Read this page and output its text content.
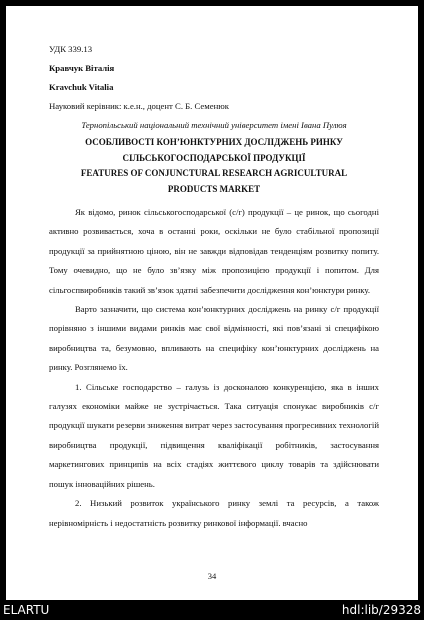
УДК 339.13
Кравчук Віталія
Kravchuk Vitalia
Науковий керівник: к.е.н., доцент С. Б. Семенюк
Тернопільський національний технічний університет імені Івана Пулюя
ОСОБЛИВОСТІ КОН’ЮНКТУРНИХ ДОСЛІДЖЕНЬ РИНКУ
СІЛЬСЬКОГОСПОДАРСЬКОЇ ПРОДУКЦІЇ
FEATURES OF CONJUNCTURAL RESEARCH AGRICULTURAL
PRODUCTS MARKET
Як відомо, ринок сільськогосподарської (с/г) продукції – це ринок, що сьогодні активно розвивається, хоча в останні роки, оскільки не було стабільної пропозиції продукції за прийнятною ціною, він не завжди відповідав тенденціям розвитку попиту. Тому очевидно, що не було зв’язку між пропозицією продукції і попитом. Для сільгоспвиробників такий зв’язок здатні забезпечити дослідження кон’юнктури ринку.
Варто зазначити, що система кон’юнктурних досліджень на ринку с/г продукції порівняно з іншими видами ринків має свої відмінності, які пов’язані зі специфікою виробництва та, безумовно, впливають на специфіку кон’юнктурних досліджень на ринку. Розглянемо їх.
1. Сільське господарство – галузь із досконалою конкуренцією, яка в інших галузях економіки майже не зустрічається. Така ситуація спонукає виробників с/г продукції шукати резерви зниження витрат через застосування прогресивних технологій виробництва продукції, підвищення кваліфікації робітників, застосування маркетингових принципів на всіх стадіях життєвого циклу товарів та здійснювати пошук інноваційних рішень.
2. Низький розвиток українського ринку землі та ресурсів, а також нерівномірність і недостатність розвитку ринкової інформації. вчасно
34
ELARTU	hdl:lib/29328
